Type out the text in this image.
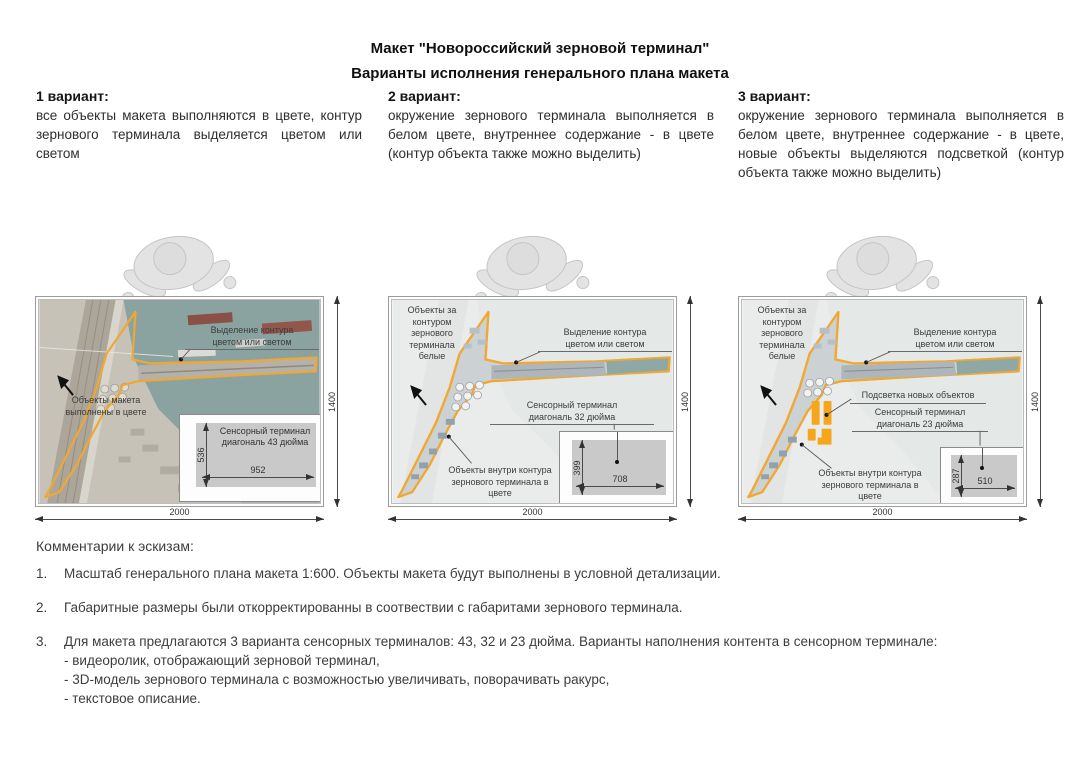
Макет "Новороссийский зерновой терминал"
Варианты исполнения генерального плана макета
1 вариант:
все объекты макета выполняются в цвете, контур зернового терминала выделяется цветом или светом
2 вариант:
окружение зернового терминала выполняется в белом цвете, внутреннее содержание - в цвете (контур объекта также можно выделить)
3 вариант:
окружение зернового терминала выполняется в белом цвете, внутреннее содержание - в цвете, новые объекты выделяются подсветкой (контур объекта также можно выделить)
Выделение контура
цветом или светом
Объекты макета
выполнены в цвете
Сенсорный терминал
диагональ 43 дюйма
536
952
Объекты за контуром зернового терминала белые
Выделение контура
цветом или светом
Сенсорный терминал
диагональ 32 дюйма
Объекты внутри контура зернового терминала в цвете
399
708
Объекты за контуром зернового терминала белые
Выделение контура
цветом или светом
Подсветка новых объектов
Сенсорный терминал
диагональ 23 дюйма
Объекты внутри контура зернового терминала в цвете
287	510
2000	2000	2000
1400	1400	1400
Комментарии к эскизам:
1.	Масштаб генерального плана макета 1:600. Объекты макета будут выполнены в условной детализации.
2.	Габаритные размеры были откорректированны в соотвествии с габаритами зернового терминала.
3.	Для макета предлагаются 3 варианта сенсорных терминалов: 43, 32 и 23 дюйма. Варианты наполнения контента в сенсорном терминале:
- видеоролик, отображающий зерновой терминал,
- 3D-модель зернового терминала с возможностью увеличивать, поворачивать ракурс,
- текстовое описание.
